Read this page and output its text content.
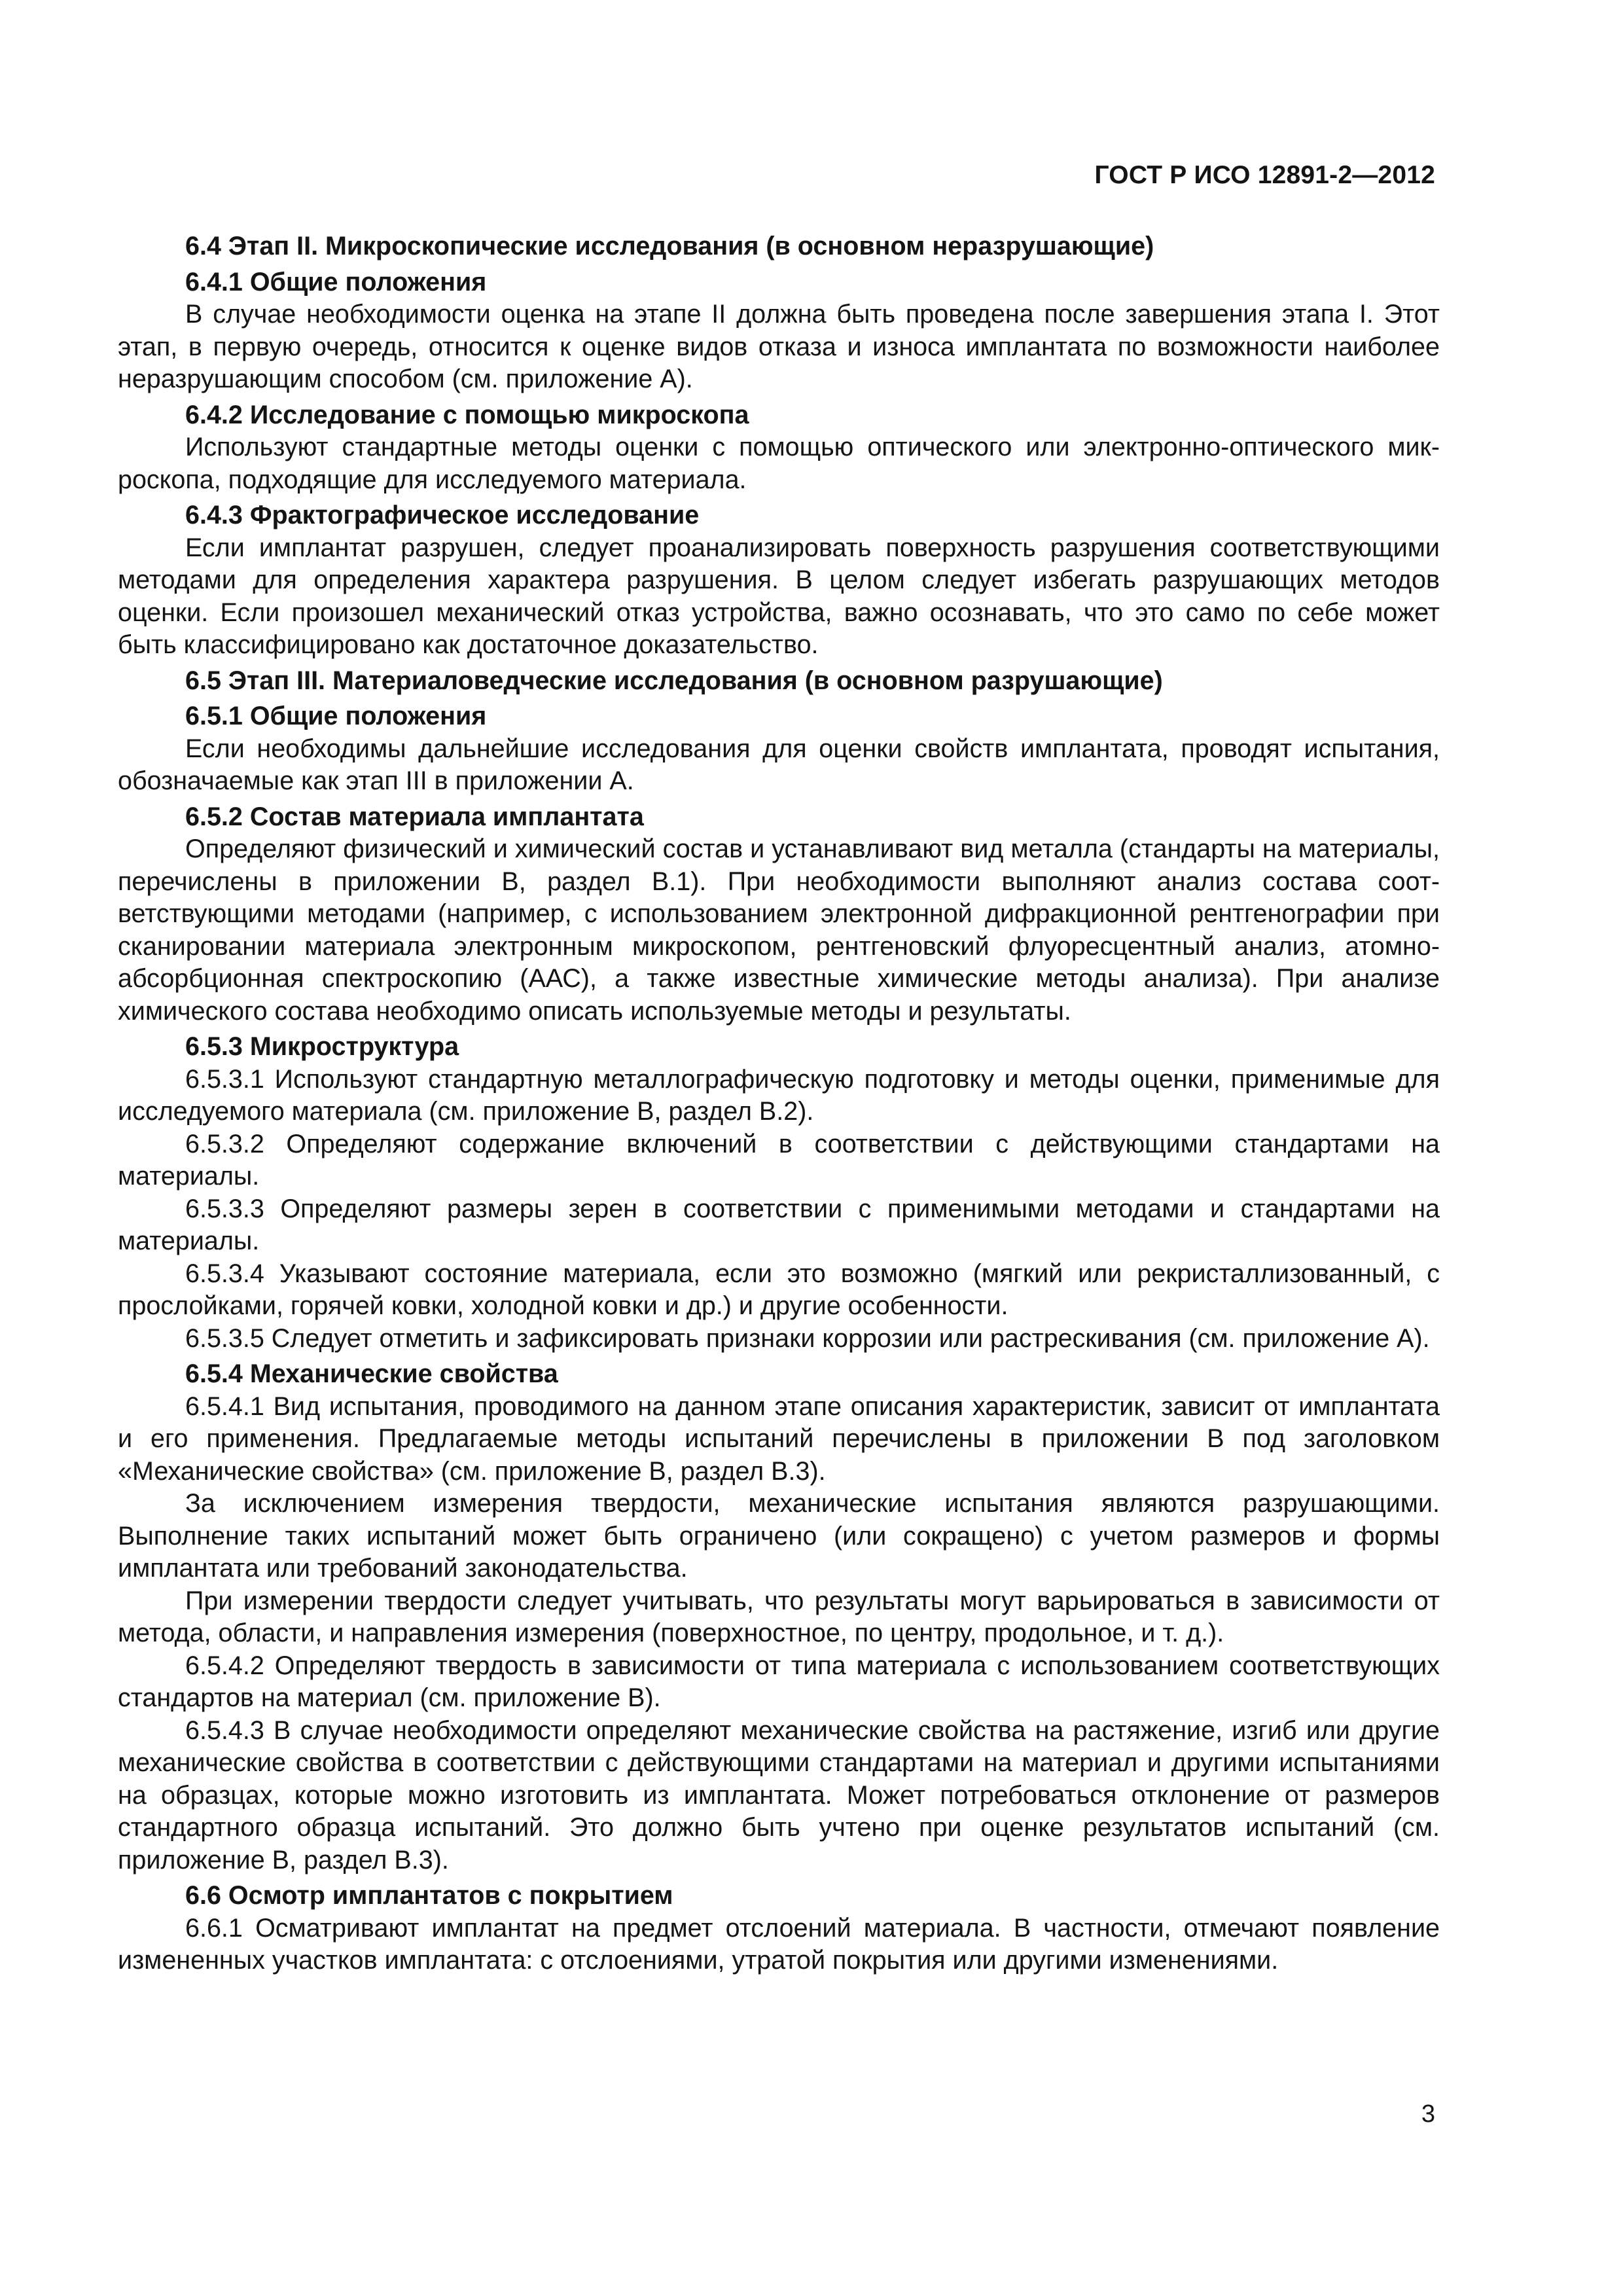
ГОСТ Р ИСО 12891-2—2012

6.4 Этап II. Микроскопические исследования (в основном неразрушающие)

6.4.1 Общие положения

В случае необходимости оценка на этапе II должна быть проведена после завершения этапа I. Этот этап, в первую очередь, относится к оценке видов отказа и износа имплантата по возможности наиболее неразрушающим способом (см. приложение А).

6.4.2 Исследование с помощью микроскопа

Используют стандартные методы оценки с помощью оптического или электронно-оптического микроскопа, подходящие для исследуемого материала.

6.4.3 Фрактографическое исследование

Если имплантат разрушен, следует проанализировать поверхность разрушения соответствующими методами для определения характера разрушения. В целом следует избегать разрушающих методов оценки. Если произошел механический отказ устройства, важно осознавать, что это само по себе может быть классифицировано как достаточное доказательство.

6.5 Этап III. Материаловедческие исследования (в основном разрушающие)

6.5.1 Общие положения

Если необходимы дальнейшие исследования для оценки свойств имплантата, проводят испытания, обозначаемые как этап III в приложении А.

6.5.2 Состав материала имплантата

Определяют физический и химический состав и устанавливают вид металла (стандарты на материалы, перечислены в приложении В, раздел В.1). При необходимости выполняют анализ состава соответствующими методами (например, с использованием электронной дифракционной рентгенографии при сканировании материала электронным микроскопом, рентгеновский флуоресцентный анализ, атомно-абсорбционная спектроскопию (ААС), а также известные химические методы анализа). При анализе химического состава необходимо описать используемые методы и результаты.

6.5.3 Микроструктура

6.5.3.1 Используют стандартную металлографическую подготовку и методы оценки, применимые для исследуемого материала (см. приложение В, раздел В.2).

6.5.3.2 Определяют содержание включений в соответствии с действующими стандартами на материалы.

6.5.3.3 Определяют размеры зерен в соответствии с применимыми методами и стандартами на материалы.

6.5.3.4 Указывают состояние материала, если это возможно (мягкий или рекристаллизованный, с прослойками, горячей ковки, холодной ковки и др.) и другие особенности.

6.5.3.5 Следует отметить и зафиксировать признаки коррозии или растрескивания (см. приложение А).

6.5.4 Механические свойства

6.5.4.1 Вид испытания, проводимого на данном этапе описания характеристик, зависит от имплантата и его применения. Предлагаемые методы испытаний перечислены в приложении В под заголовком «Механические свойства» (см. приложение В, раздел В.3).

За исключением измерения твердости, механические испытания являются разрушающими. Выполнение таких испытаний может быть ограничено (или сокращено) с учетом размеров и формы имплантата или требований законодательства.

При измерении твердости следует учитывать, что результаты могут варьироваться в зависимости от метода, области, и направления измерения (поверхностное, по центру, продольное, и т. д.).

6.5.4.2 Определяют твердость в зависимости от типа материала с использованием соответствующих стандартов на материал (см. приложение В).

6.5.4.3 В случае необходимости определяют механические свойства на растяжение, изгиб или другие механические свойства в соответствии с действующими стандартами на материал и другими испытаниями на образцах, которые можно изготовить из имплантата. Может потребоваться отклонение от размеров стандартного образца испытаний. Это должно быть учтено при оценке результатов испытаний (см. приложение В, раздел В.3).

6.6 Осмотр имплантатов с покрытием

6.6.1 Осматривают имплантат на предмет отслоений материала. В частности, отмечают появление измененных участков имплантата: с отслоениями, утратой покрытия или другими изменениями.

3
